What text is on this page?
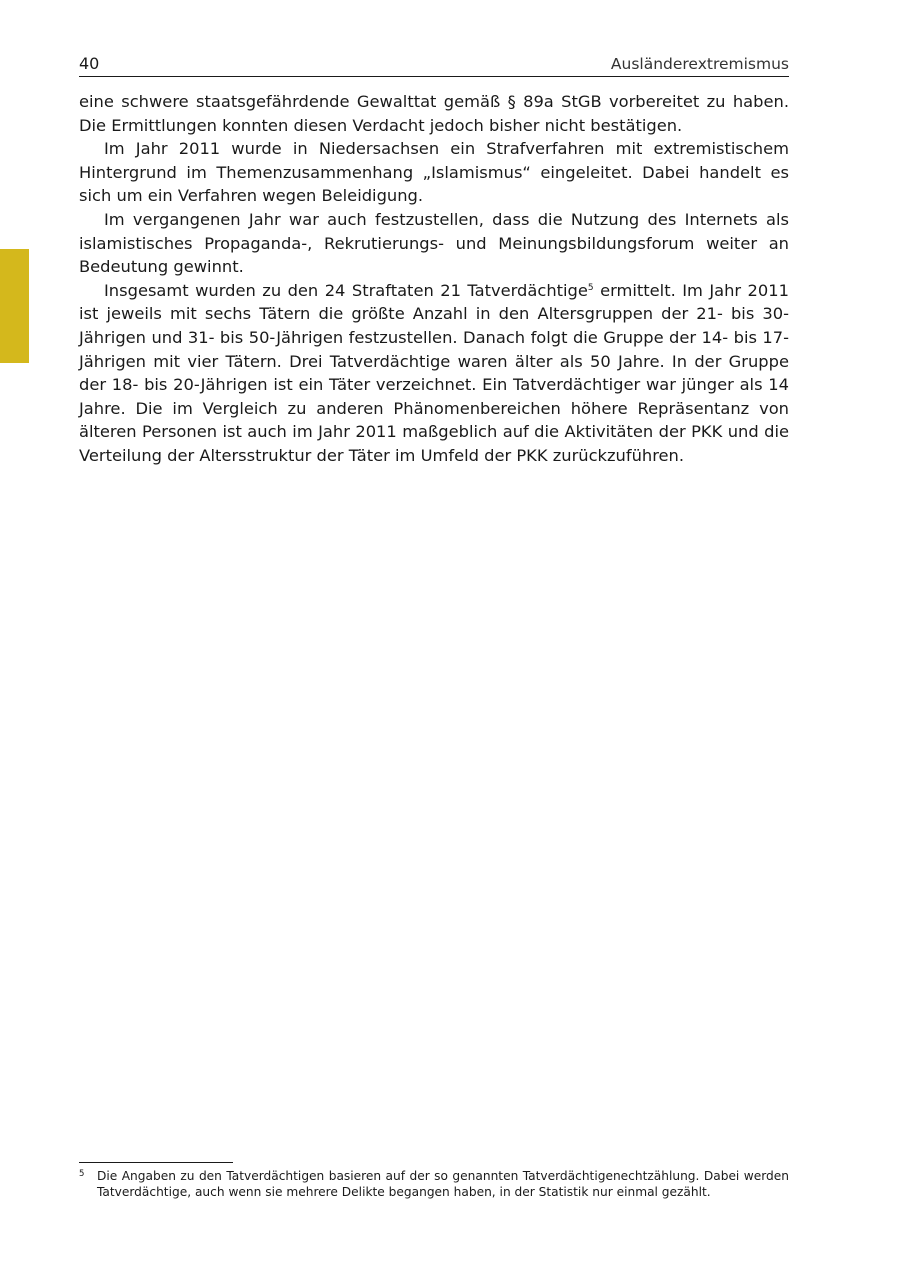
40	Ausländerextremismus

eine schwere staatsgefährdende Gewalttat gemäß § 89a StGB vorbereitet zu haben. Die Ermittlungen konnten diesen Verdacht jedoch bisher nicht bestätigen.

Im Jahr 2011 wurde in Niedersachsen ein Strafverfahren mit extremistischem Hintergrund im Themenzusammenhang „Islamismus“ eingeleitet. Dabei handelt es sich um ein Verfahren wegen Beleidigung.

Im vergangenen Jahr war auch festzustellen, dass die Nutzung des Internets als islamistisches Propaganda-, Rekrutierungs- und Meinungsbildungsforum weiter an Bedeutung gewinnt.

Insgesamt wurden zu den 24 Straftaten 21 Tatverdächtige$^5$ ermittelt. Im Jahr 2011 ist jeweils mit sechs Tätern die größte Anzahl in den Altersgruppen der 21- bis 30-Jährigen und 31- bis 50-Jährigen festzustellen. Danach folgt die Gruppe der 14- bis 17-Jährigen mit vier Tätern. Drei Tatverdächtige waren älter als 50 Jahre. In der Gruppe der 18- bis 20-Jährigen ist ein Täter verzeichnet. Ein Tatverdächtiger war jünger als 14 Jahre. Die im Vergleich zu anderen Phänomenbereichen höhere Repräsentanz von älteren Personen ist auch im Jahr 2011 maßgeblich auf die Aktivitäten der PKK und die Verteilung der Altersstruktur der Täter im Umfeld der PKK zurückzuführen.

5 Die Angaben zu den Tatverdächtigen basieren auf der so genannten Tatverdächtigenechtzählung. Dabei werden Tatverdächtige, auch wenn sie mehrere Delikte begangen haben, in der Statistik nur einmal gezählt.
